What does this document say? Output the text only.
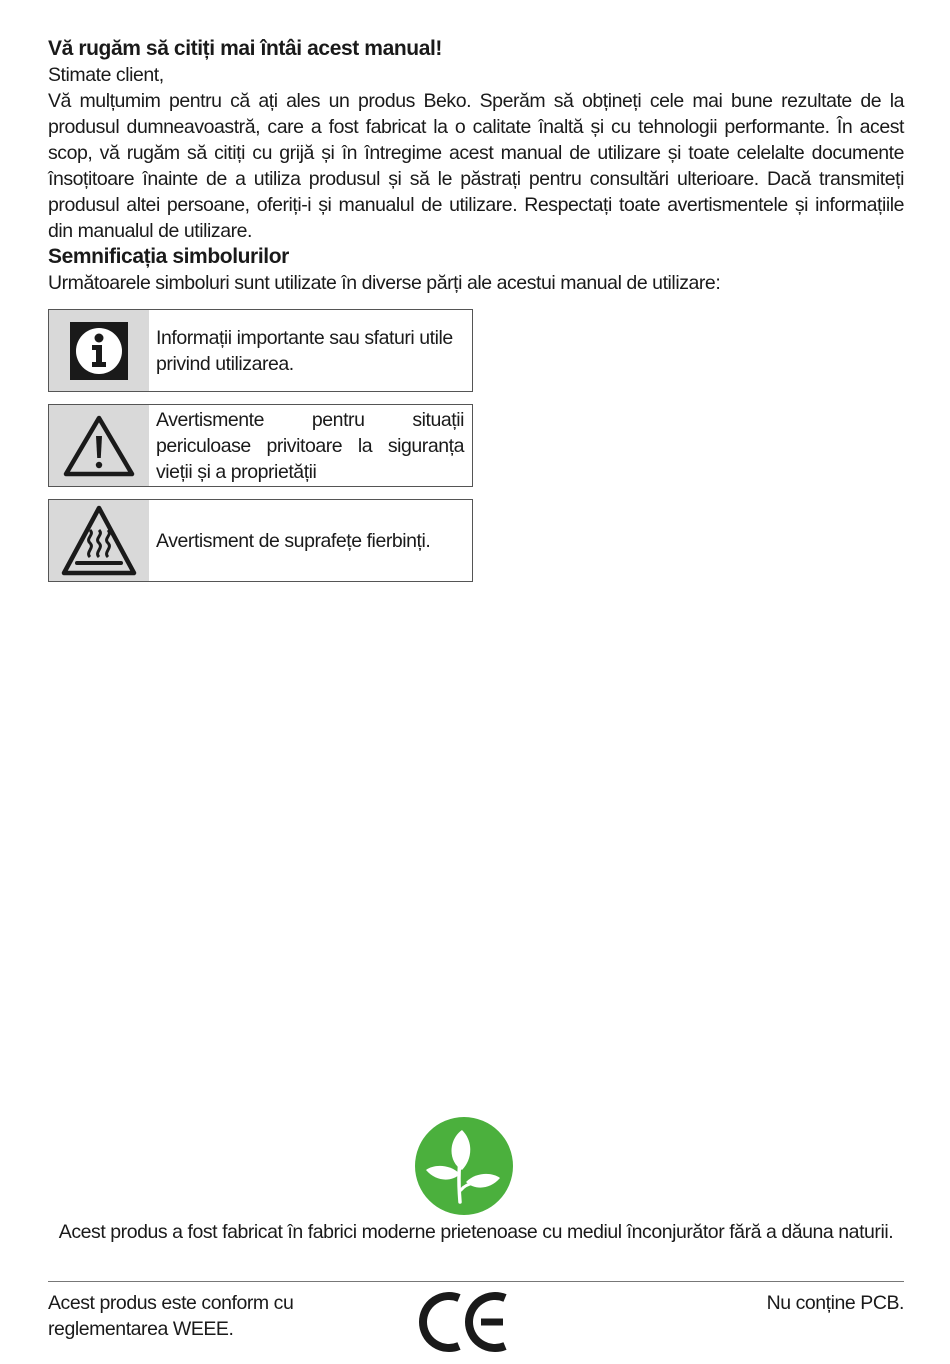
Vă rugăm să citiți mai întâi acest manual!

Stimate client,

Vă mulțumim pentru că ați ales un produs Beko. Sperăm să obțineți cele mai bune rezultate de la produsul dumneavoastră, care a fost fabricat la o calitate înaltă și cu tehnologii performante. În acest scop, vă rugăm să citiți cu grijă și în întregime acest manual de utilizare și toate celelalte documente însoțitoare înainte de a utiliza produsul și să le păstrați pentru consultări ulterioare. Dacă transmiteți produsul altei persoane, oferiți-i și manualul de utilizare. Respectați toate avertismentele și informațiile din manualul de utilizare.

Semnificația simbolurilor

Următoarele simboluri sunt utilizate în diverse părți ale acestui manual de utilizare:

Informații importante sau sfaturi utile privind utilizarea.
Avertismente pentru situații periculoase privitoare la siguranța vieții și a proprietății
Avertisment de suprafețe fierbinți.
Acest produs a fost fabricat în fabrici moderne prietenoase cu mediul înconjurător fără a dăuna naturii.
Acest produs este conform cu reglementarea WEEE.
Nu conține PCB.
